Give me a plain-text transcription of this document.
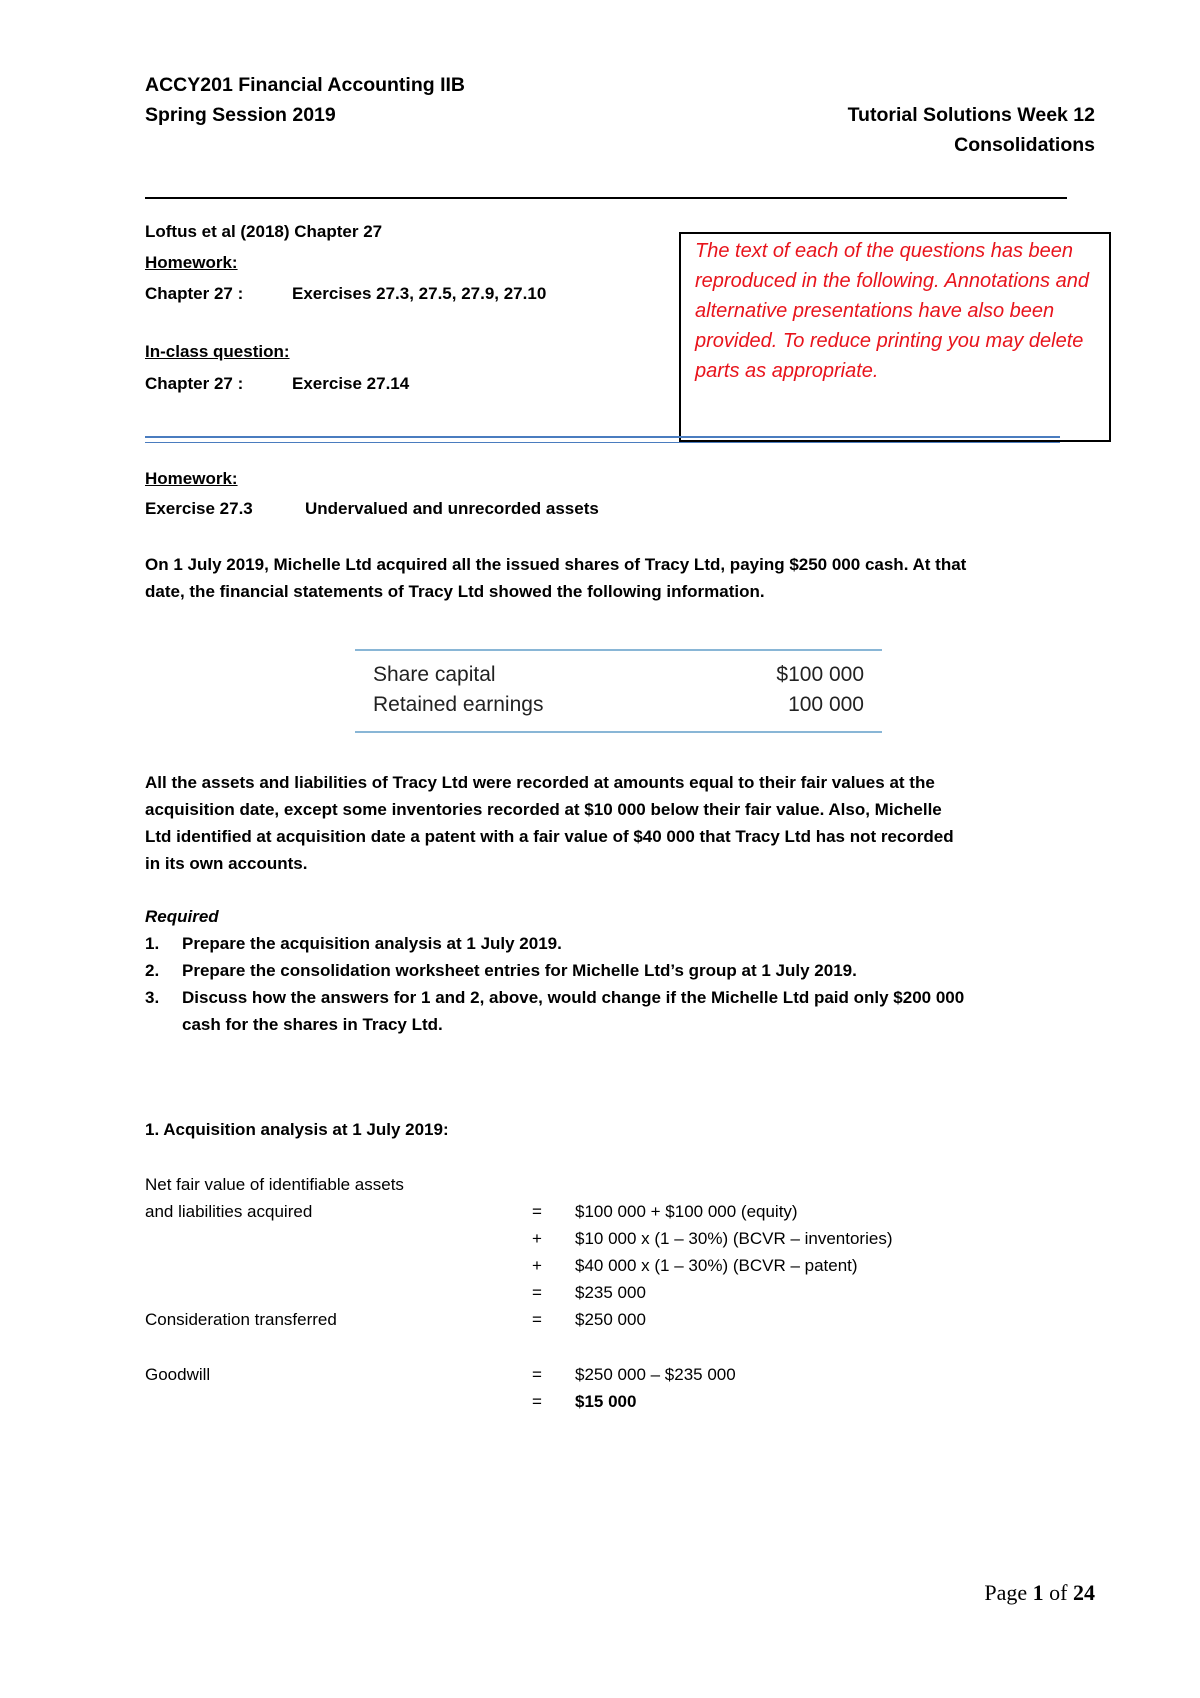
ACCY201 Financial Accounting IIB
Spring Session 2019	Tutorial Solutions Week 12
Consolidations
Loftus et al (2018) Chapter 27
Homework:
Chapter 27 :	Exercises 27.3, 27.5, 27.9, 27.10
In-class question:
Chapter 27 :	Exercise 27.14
The text of each of the questions has been reproduced in the following. Annotations and alternative presentations have also been provided. To reduce printing you may delete parts as appropriate.
Homework:
Exercise 27.3	Undervalued and unrecorded assets
On 1 July 2019, Michelle Ltd acquired all the issued shares of Tracy Ltd, paying $250 000 cash. At that
date, the financial statements of Tracy Ltd showed the following information.
Share capital	$100 000
Retained earnings	100 000
All the assets and liabilities of Tracy Ltd were recorded at amounts equal to their fair values at the
acquisition date, except some inventories recorded at $10 000 below their fair value. Also, Michelle
Ltd identified at acquisition date a patent with a fair value of $40 000 that Tracy Ltd has not recorded
in its own accounts.
Required
1. Prepare the acquisition analysis at 1 July 2019.
2. Prepare the consolidation worksheet entries for Michelle Ltd’s group at 1 July 2019.
3. Discuss how the answers for 1 and 2, above, would change if the Michelle Ltd paid only $200 000
cash for the shares in Tracy Ltd.
1. Acquisition analysis at 1 July 2019:
Net fair value of identifiable assets
and liabilities acquired	= $100 000 + $100 000 (equity)
+ $10 000 x (1 – 30%) (BCVR – inventories)
+ $40 000 x (1 – 30%) (BCVR – patent)
= $235 000
Consideration transferred	= $250 000
Goodwill	= $250 000 – $235 000
= $15 000
Page 1 of 24
